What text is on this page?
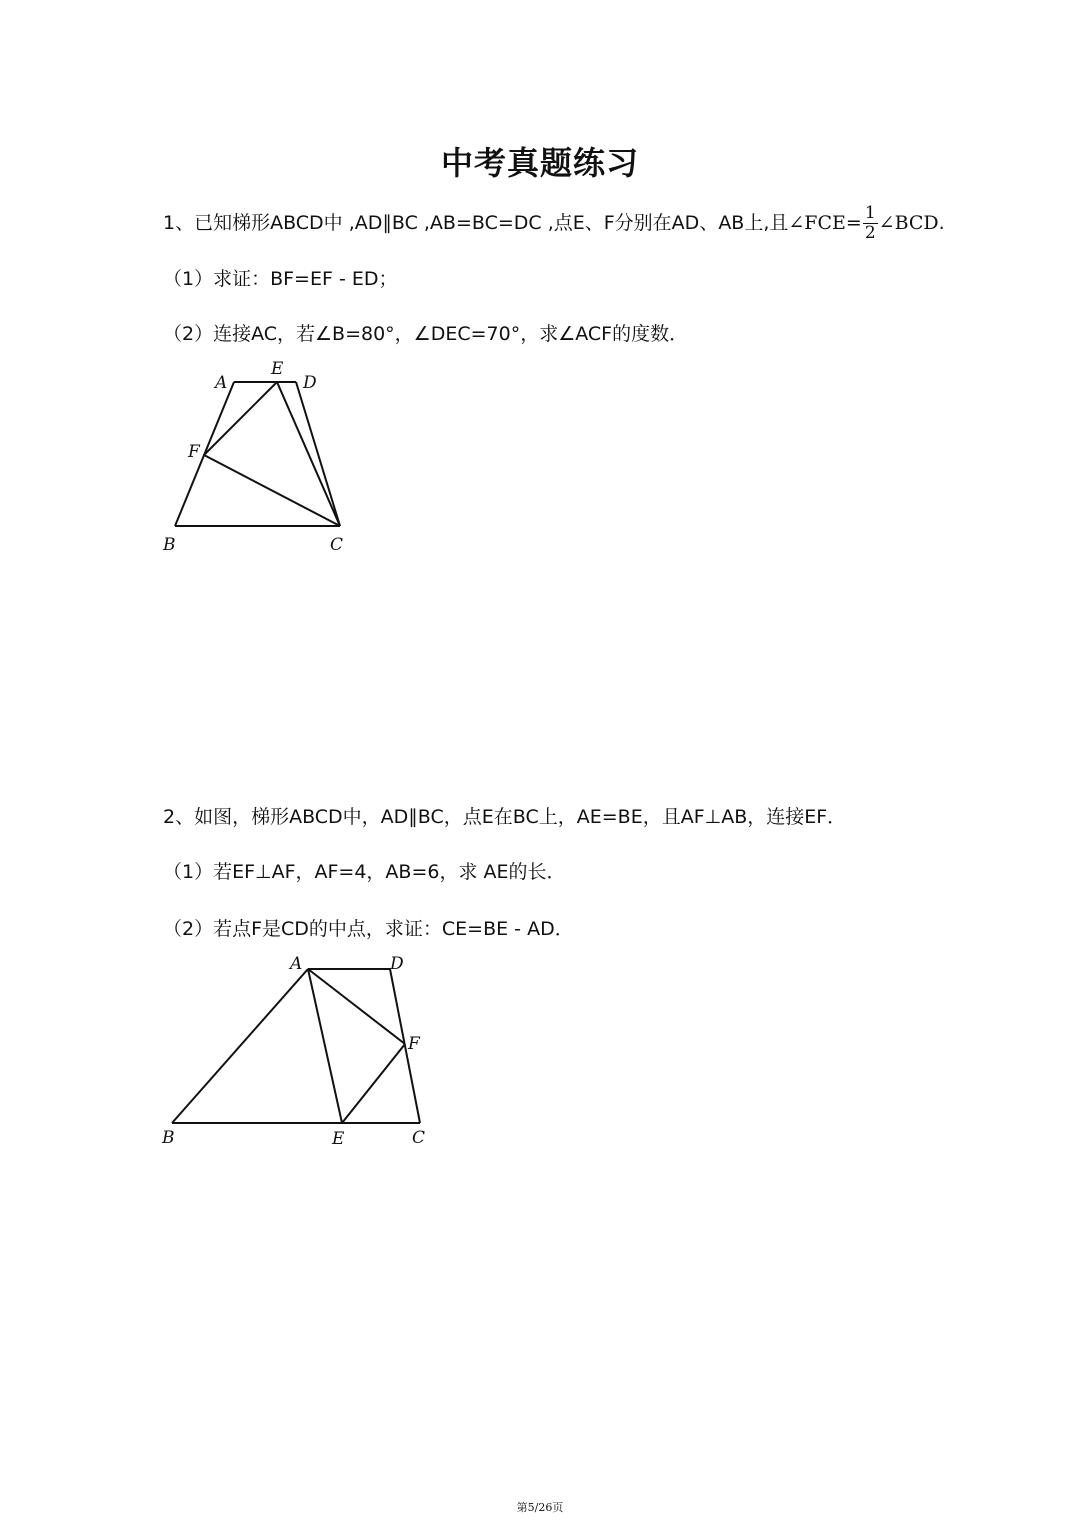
中考真题练习
1、已知梯形ABCD中 ,AD∥BC ,AB=BC=DC ,点E、F分别在AD、AB上,且∠FCE= $\frac{1}{2}$ ∠BCD.
（1）求证：BF=EF - ED；
（2）连接AC，若∠B=80°，∠DEC=70°，求∠ACF的度数．
A
E
D
F
B	C
2、如图，梯形ABCD中，AD∥BC，点E在BC上，AE=BE，且AF⊥AB，连接EF．
（1）若EF⊥AF，AF=4，AB=6，求 AE的长．
（2）若点F是CD的中点，求证：CE=BE - AD．
A	D
F
B	E	C
第5/26页
